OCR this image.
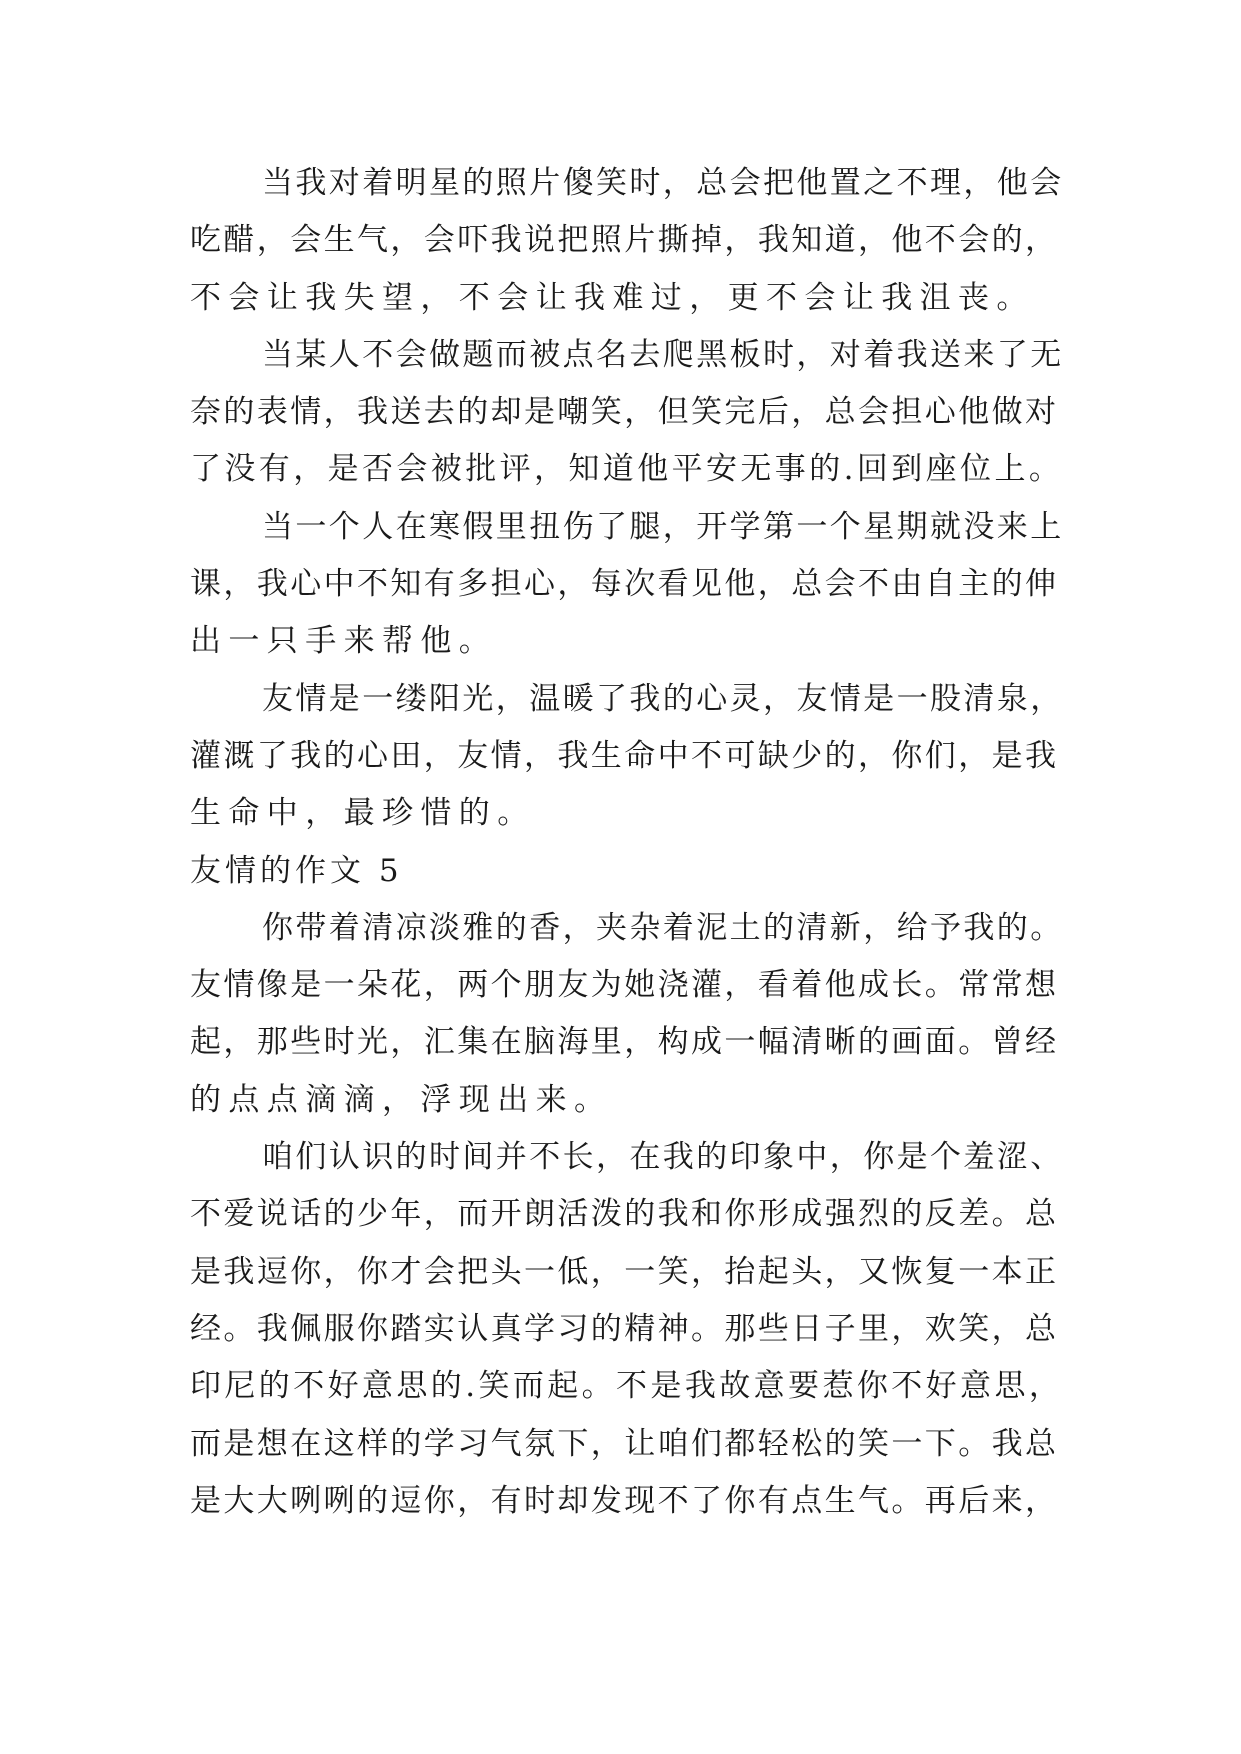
当我对着明星的照片傻笑时，总会把他置之不理，他会
吃醋，会生气，会吓我说把照片撕掉，我知道，他不会的，
不会让我失望，不会让我难过，更不会让我沮丧。
当某人不会做题而被点名去爬黑板时，对着我送来了无
奈的表情，我送去的却是嘲笑，但笑完后，总会担心他做对
了没有，是否会被批评，知道他平安无事的.回到座位上。
当一个人在寒假里扭伤了腿，开学第一个星期就没来上
课，我心中不知有多担心，每次看见他，总会不由自主的伸
出一只手来帮他。
友情是一缕阳光，温暖了我的心灵，友情是一股清泉，
灌溉了我的心田，友情，我生命中不可缺少的，你们，是我
生命中，最珍惜的。
友情的作文 5
你带着清凉淡雅的香，夹杂着泥土的清新，给予我的。
友情像是一朵花，两个朋友为她浇灌，看着他成长。常常想
起，那些时光，汇集在脑海里，构成一幅清晰的画面。曾经
的点点滴滴，浮现出来。
咱们认识的时间并不长，在我的印象中，你是个羞涩、
不爱说话的少年，而开朗活泼的我和你形成强烈的反差。总
是我逗你，你才会把头一低，一笑，抬起头，又恢复一本正
经。我佩服你踏实认真学习的精神。那些日子里，欢笑，总
印尼的不好意思的.笑而起。不是我故意要惹你不好意思，
而是想在这样的学习气氛下，让咱们都轻松的笑一下。我总
是大大咧咧的逗你，有时却发现不了你有点生气。再后来，
